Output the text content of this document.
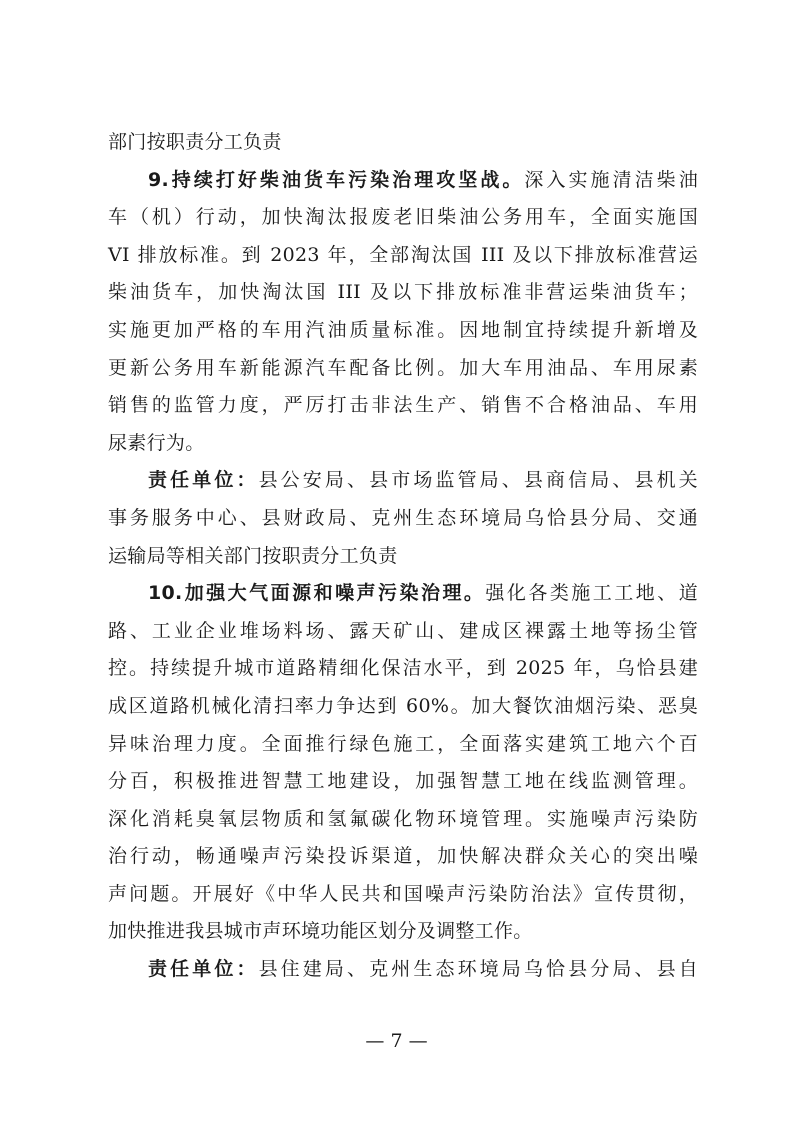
部门按职责分工负责
9.持续打好柴油货车污染治理攻坚战。深入实施清洁柴油
车（机）行动，加快淘汰报废老旧柴油公务用车，全面实施国
VI 排放标准。到 2023 年，全部淘汰国 III 及以下排放标准营运
柴油货车，加快淘汰国 III 及以下排放标准非营运柴油货车；
实施更加严格的车用汽油质量标准。因地制宜持续提升新增及
更新公务用车新能源汽车配备比例。加大车用油品、车用尿素
销售的监管力度，严厉打击非法生产、销售不合格油品、车用
尿素行为。
责任单位：县公安局、县市场监管局、县商信局、县机关
事务服务中心、县财政局、克州生态环境局乌恰县分局、交通
运输局等相关部门按职责分工负责
10.加强大气面源和噪声污染治理。强化各类施工工地、道
路、工业企业堆场料场、露天矿山、建成区裸露土地等扬尘管
控。持续提升城市道路精细化保洁水平，到 2025 年，乌恰县建
成区道路机械化清扫率力争达到 60%。加大餐饮油烟污染、恶臭
异味治理力度。全面推行绿色施工，全面落实建筑工地六个百
分百，积极推进智慧工地建设，加强智慧工地在线监测管理。
深化消耗臭氧层物质和氢氟碳化物环境管理。实施噪声污染防
治行动，畅通噪声污染投诉渠道，加快解决群众关心的突出噪
声问题。开展好《中华人民共和国噪声污染防治法》宣传贯彻，
加快推进我县城市声环境功能区划分及调整工作。
责任单位：县住建局、克州生态环境局乌恰县分局、县自
— 7 —
